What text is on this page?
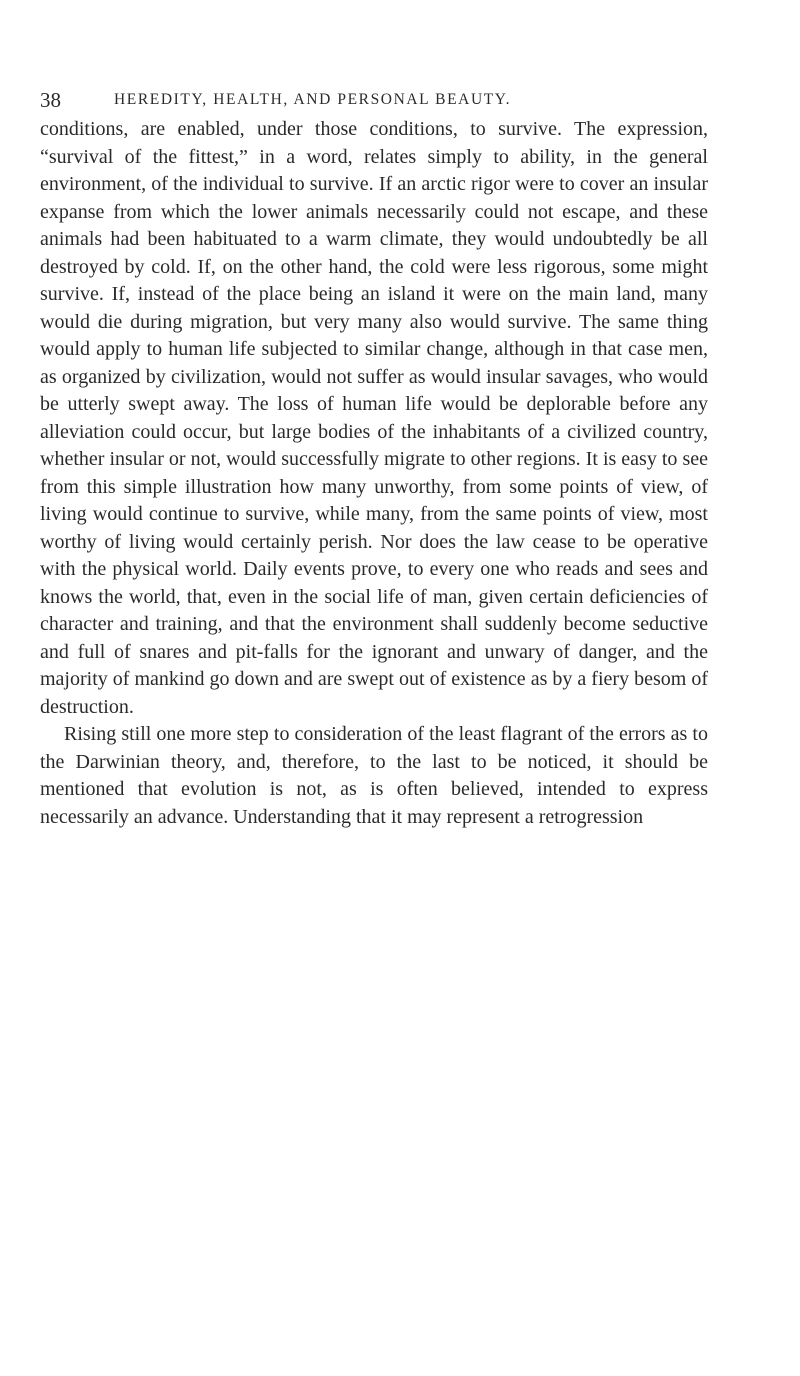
38	HEREDITY, HEALTH, AND PERSONAL BEAUTY.

conditions, are enabled, under those conditions, to survive. The expression, “survival of the fittest,” in a word, relates simply to ability, in the general environment, of the individual to survive. If an arctic rigor were to cover an insular expanse from which the lower animals necessarily could not escape, and these animals had been habituated to a warm climate, they would undoubtedly be all destroyed by cold. If, on the other hand, the cold were less rigorous, some might survive. If, instead of the place being an island it were on the main land, many would die during migration, but very many also would survive. The same thing would apply to human life subjected to similar change, although in that case men, as organized by civilization, would not suffer as would insular savages, who would be utterly swept away. The loss of human life would be deplorable before any alleviation could occur, but large bodies of the inhabitants of a civilized country, whether insular or not, would successfully migrate to other regions. It is easy to see from this simple illustration how many unworthy, from some points of view, of living would continue to survive, while many, from the same points of view, most worthy of living would certainly perish. Nor does the law cease to be operative with the physical world. Daily events prove, to every one who reads and sees and knows the world, that, even in the social life of man, given certain deficiencies of character and training, and that the environment shall suddenly become seductive and full of snares and pit-falls for the ignorant and unwary of danger, and the majority of mankind go down and are swept out of existence as by a fiery besom of destruction.

Rising still one more step to consideration of the least flagrant of the errors as to the Darwinian theory, and, therefore, to the last to be noticed, it should be mentioned that evolution is not, as is often believed, intended to express necessarily an advance. Understanding that it may represent a retrogression
